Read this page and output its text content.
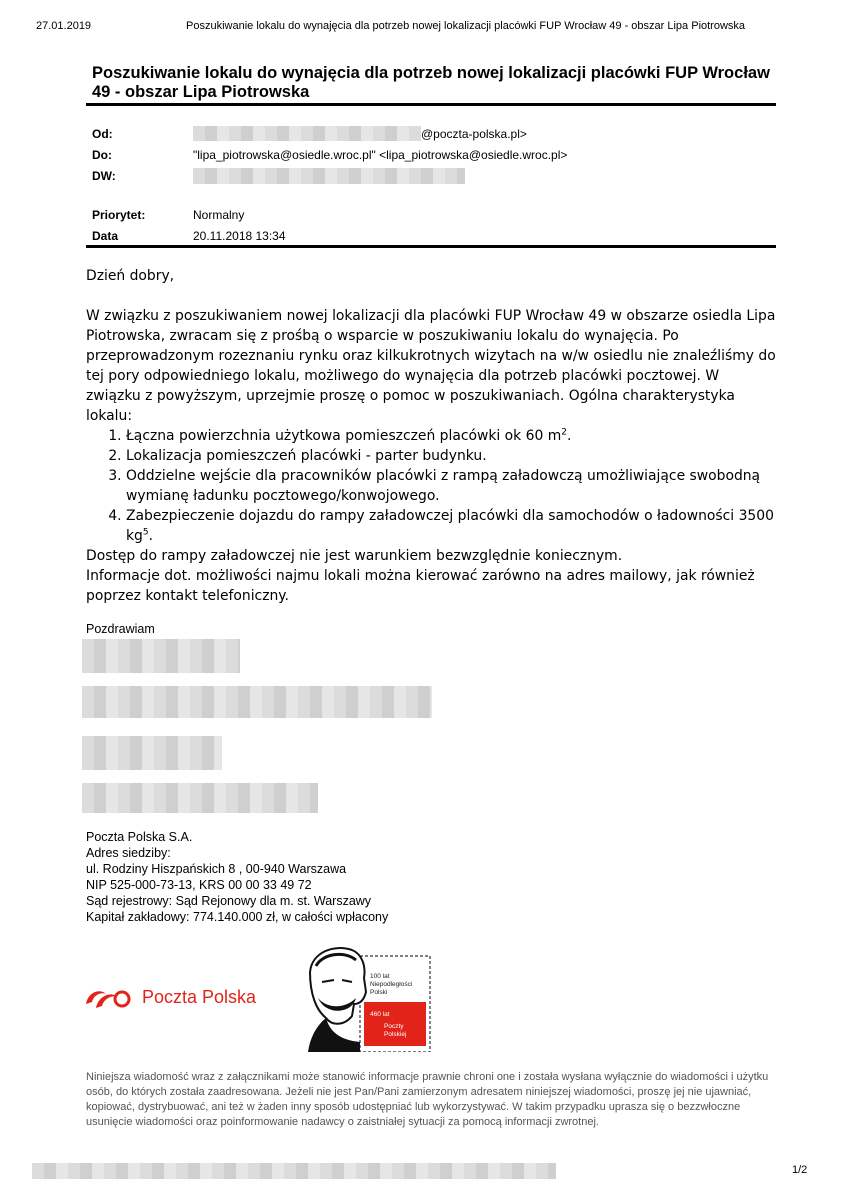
27.01.2019	Poszukiwanie lokalu do wynajęcia dla potrzeb nowej lokalizacji placówki FUP Wrocław 49 - obszar Lipa Piotrowska
Poszukiwanie lokalu do wynajęcia dla potrzeb nowej lokalizacji placówki FUP Wrocław 49 - obszar Lipa Piotrowska
Od:	@poczta-polska.pl>
Do:	"lipa_piotrowska@osiedle.wroc.pl" <lipa_piotrowska@osiedle.wroc.pl>
DW:
Priorytet:	Normalny
Data	20.11.2018 13:34

Dzień dobry,

W związku z poszukiwaniem nowej lokalizacji dla placówki FUP Wrocław 49 w obszarze osiedla Lipa Piotrowska, zwracam się z prośbą o wsparcie w poszukiwaniu lokalu do wynajęcia. Po przeprowadzonym rozeznaniu rynku oraz kilkukrotnych wizytach na w/w osiedlu nie znaleźliśmy do tej pory odpowiedniego lokalu, możliwego do wynajęcia dla potrzeb placówki pocztowej. W związku z powyższym, uprzejmie proszę o pomoc w poszukiwaniach. Ogólna charakterystyka lokalu:

1. Łączna powierzchnia użytkowa pomieszczeń placówki ok 60 $m^2$.
2. Lokalizacja pomieszczeń placówki - parter budynku.
3. Oddzielne wejście dla pracowników placówki z rampą załadowczą umożliwiające swobodną wymianę ładunku pocztowego/konwojowego.
4. Zabezpieczenie dojazdu do rampy załadowczej placówki dla samochodów o ładowności 3500 $kg^5$.

Dostęp do rampy załadowczej nie jest warunkiem bezwzględnie koniecznym.

Informacje dot. możliwości najmu lokali można kierować zarówno na adres mailowy, jak również poprzez kontakt telefoniczny.

Pozdrawiam
Poczta Polska S.A.
Adres siedziby:
ul. Rodziny Hiszpańskich 8 , 00-940 Warszawa
NIP 525-000-73-13, KRS 00 00 33 49 72
Sąd rejestrowy: Sąd Rejonowy dla m. st. Warszawy
Kapitał zakładowy: 774.140.000 zł, w całości wpłacony
Poczta Polska
100 lat
Niepodległości
Polski
460 lat
Poczty
Polskiej
Niniejsza wiadomość wraz z załącznikami może stanowić informacje prawnie chroni one i została wysłana wyłącznie do wiadomości i użytku osób, do których została zaadresowana. Jeżeli nie jest Pan/Pani zamierzonym adresatem niniejszej wiadomości, proszę jej nie ujawniać, kopiować, dystrybuować, ani też w żaden inny sposób udostępniać lub wykorzystywać. W takim przypadku uprasza się o bezzwłoczne usunięcie wiadomości oraz poinformowanie nadawcy o zaistniałej sytuacji za pomocą informacji zwrotnej.
1/2
